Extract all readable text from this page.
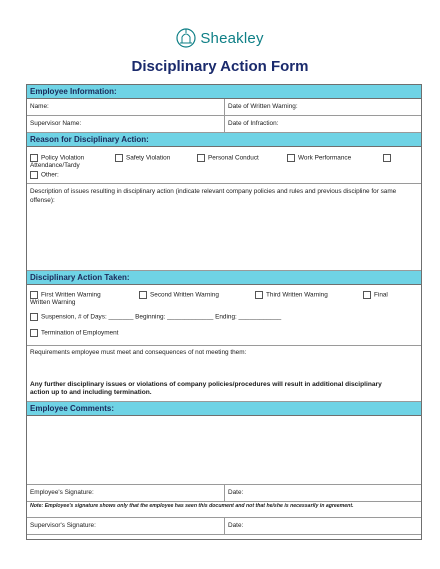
Sheakley
Disciplinary Action Form
Employee Information:
Name:	Date of Written Warning:
Supervisor Name:	Date of Infraction:
Reason for Disciplinary Action:
Policy Violation	Safety Violation	Personal Conduct	Work Performance
Attendance/Tardy
Other:
Description of issues resulting in disciplinary action (indicate relevant company policies and rules and previous discipline for same offense):
Disciplinary Action Taken:
First Written Warning	Second Written Warning	Third Written Warning	Final
Written Warning
Suspension, # of Days: _______ Beginning: _____________ Ending: ____________
Termination of Employment
Requirements employee must meet and consequences of not meeting them:
Any further disciplinary issues or violations of company policies/procedures will result in additional disciplinary action up to and including termination.
Employee Comments:
Employee's Signature:	Date:
Note: Employee's signature shows only that the employee has seen this document and not that he/she is necessarily in agreement.
Supervisor's Signature:	Date:
